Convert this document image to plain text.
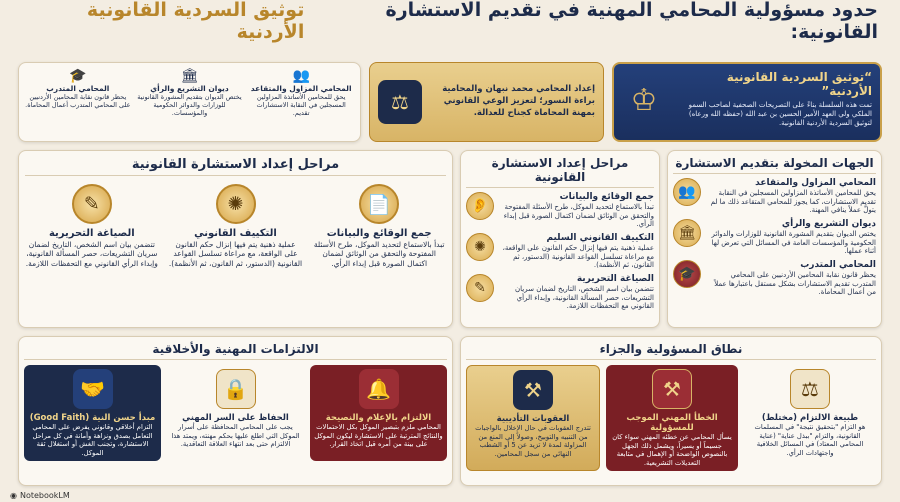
حدود مسؤولية المحامي المهنية في تقديم الاستشارة القانونية:
توثيق السردية القانونية الأردنية
“توثيق السردية القانونية الأردنية”
تمت هذه السلسلة بناءً على التصريحات الصحفية لصاحب السمو الملكي ولي العهد الأمير الحسين بن عبد الله (حفظه الله ورعاه) لتوثيق السردية الأردنية القانونية.
♔
إعداد المحامي محمد نبهان والمحامية براءة النسور؛ لتعزيز الوعي القانوني بمهنة المحاماة كجناح للعدالة.
⚖
👥
المحامي المزاول والمتقاعد
يحق للمحامين الأساتذة المزاولين المسجلين في النقابة الاستشارات تقديم.
🏛
ديوان التشريع والرأي
يختص الديوان بتقديم المشورة القانونية للوزارات والدوائر الحكومية والمؤسسات.
🎓
المحامي المتدرب
يحظر قانون نقابة المحامين الأردنيين على المحامي المتدرب أعمال المحاماة.
الجهات المخولة بتقديم الاستشارة
المحامي المزاول والمتقاعد
يحق للمحامين الأساتذة المزاولين المسجلين في النقابة تقديم الاستشارات، كما يجوز للمحامي المتقاعد ذلك ما لم يتولَّ عملاً ينافي المهنة.
👥
ديوان التشريع والرأي
يختص الديوان بتقديم المشورة القانونية للوزارات والدوائر الحكومية والمؤسسات العامة في المسائل التي تعرض لها أثناء عملها.
🏛
المحامي المتدرب
يحظر قانون نقابة المحامين الأردنيين على المحامي المتدرب تقديم الاستشارات بشكل مستقل باعتبارها عملاً من أعمال المحاماة.
🎓
مراحل إعداد الاستشارة القانونية
جمع الوقائع والبيانات
تبدأ بالاستماع لتحديد الموكل، طرح الأسئلة المفتوحة والتحقق من الوثائق لضمان اكتمال الصورة قبل إبداء الرأي.
👂
التكييف القانوني السليم
عملية ذهنية يتم فيها إنزال حكم القانون على الواقعة، مع مراعاة تسلسل القواعد القانونية (الدستور، ثم القانون، ثم الأنظمة).
✺
الصياغة التحريرية
تتضمن بيان اسم الشخص، التاريخ لضمان سريان التشريعات، حصر المسألة القانونية، وإبداء الرأي القانوني مع التحفظات اللازمة.
✎
مراحل إعداد الاستشارة القانونية
📄
جمع الوقائع والبيانات
تبدأ بالاستماع لتحديد الموكل، طرح الأسئلة المفتوحة والتحقق من الوثائق لضمان اكتمال الصورة قبل إبداء الرأي.
✺
التكييف القانوني
عملية ذهنية يتم فيها إنزال حكم القانون على الواقعة، مع مراعاة تسلسل القواعد القانونية (الدستور، ثم القانون، ثم الأنظمة).
✎
الصياغة التحريرية
تتضمن بيان اسم الشخص، التاريخ لضمان سريان التشريعات، حصر المسألة القانونية، وإبداء الرأي القانوني مع التحفظات اللازمة.
نطاق المسؤولية والجزاء
⚖
طبيعة الالتزام (مختلط)
هو التزام "بتحقيق نتيجة" في المسلمات القانونية، والتزام "ببذل عناية" (عناية المحامي المعتاد) في المسائل الخلافية واجتهادات الرأي.
⚒
الخطأ المهني الموجب للمسؤولية
يسأل المحامي عن خطئه المهني سواء كان جسيماً أو يسيراً، ويشمل ذلك الجهل بالنصوص الواضحة أو الإهمال في متابعة التعديلات التشريعية.
⚒
العقوبات التأديبية
تتدرج العقوبات في حال الإخلال بالواجبات من التنبيه والتوبيخ، وصولاً إلى المنع من المزاولة لمدة لا تزيد عن 5 أو الشطب النهائي من سجل المحامين.
الالتزامات المهنية والأخلاقية
🔔
الالتزام بالإعلام والنصيحة
المحامي ملزم بتبصير الموكل بكل الاحتمالات والنتائج المترتبة على الاستشارة ليكون الموكل على بينة من أمره قبل اتخاذ القرار.
🔒
الحفاظ على السر المهني
يجب على المحامي المحافظة على أسرار الموكل التي اطلع عليها بحكم مهنته، ويمتد هذا الالتزام حتى بعد انتهاء العلاقة التعاقدية.
🤝
مبدأ حسن النية (Good Faith)
التزام أخلاقي وقانوني يفرض على المحامي التعامل بصدق ونزاهة وأمانة في كل مراحل الاستشارة، وتجنب الغش أو استغلال ثقة الموكل.
◉ NotebookLM
